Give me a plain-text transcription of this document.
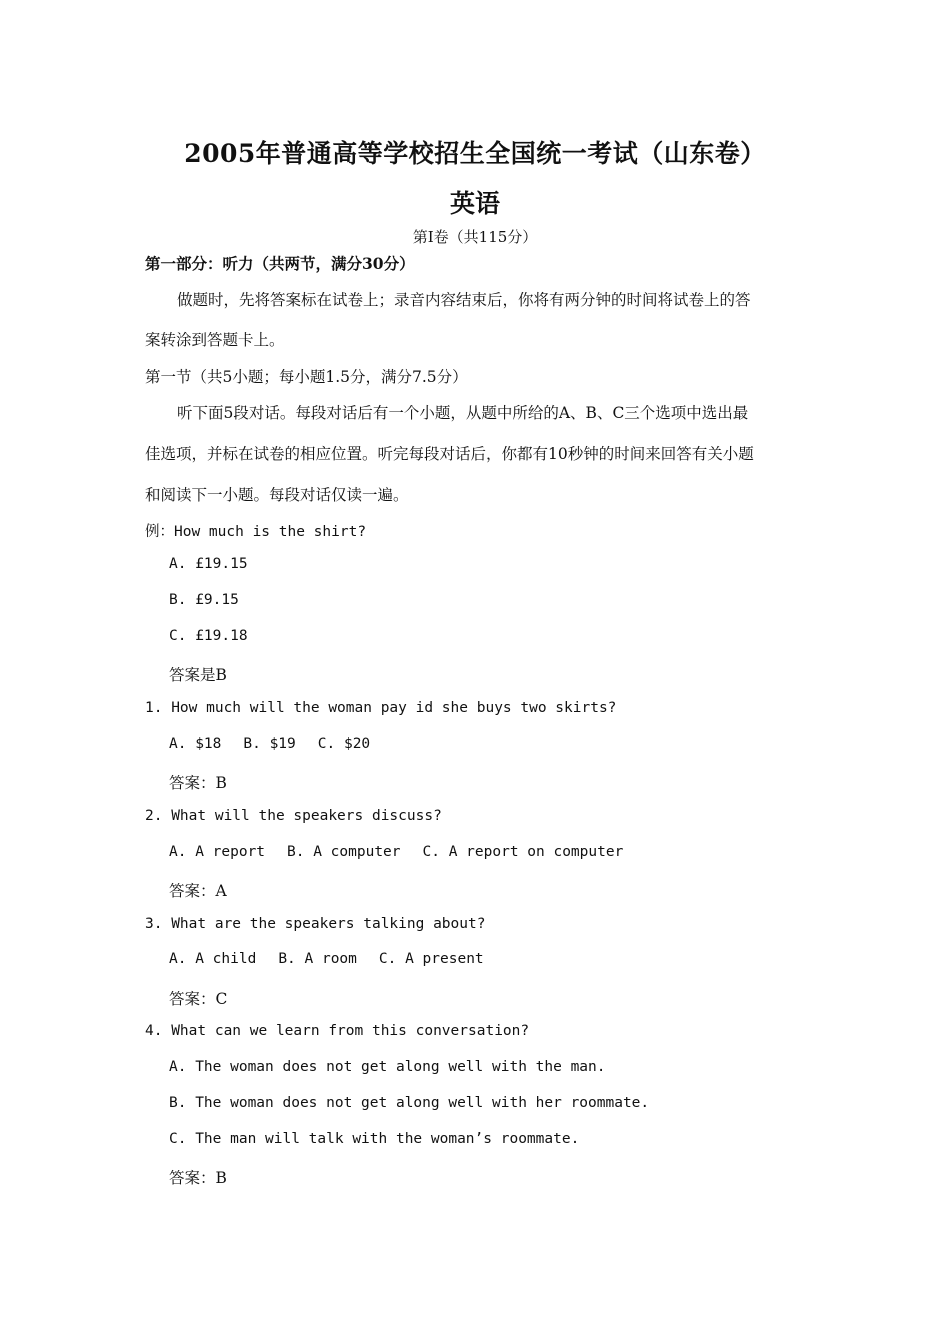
2005年普通高等学校招生全国统一考试（山东卷）
英语
第I卷（共115分）
第一部分：听力（共两节，满分30分）
做题时，先将答案标在试卷上；录音内容结束后，你将有两分钟的时间将试卷上的答
案转涂到答题卡上。
第一节（共5小题；每小题1.5分，满分7.5分）
听下面5段对话。每段对话后有一个小题，从题中所给的A、B、C三个选项中选出最
佳选项，并标在试卷的相应位置。听完每段对话后，你都有10秒钟的时间来回答有关小题
和阅读下一小题。每段对话仅读一遍。
例：How much is the shirt?
A. £19.15
B. £9.15
C. £19.18
答案是B
1. How much will the woman pay id she buys two skirts?
A. $18 B. $19 C. $20
答案：B
2. What will the speakers discuss?
A. A report B. A computer C. A report on computer
答案：A
3. What are the speakers talking about?
A. A child B. A room C. A present
答案：C
4. What can we learn from this conversation?
A. The woman does not get along well with the man.
B. The woman does not get along well with her roommate.
C. The man will talk with the woman’s roommate.
答案：B
